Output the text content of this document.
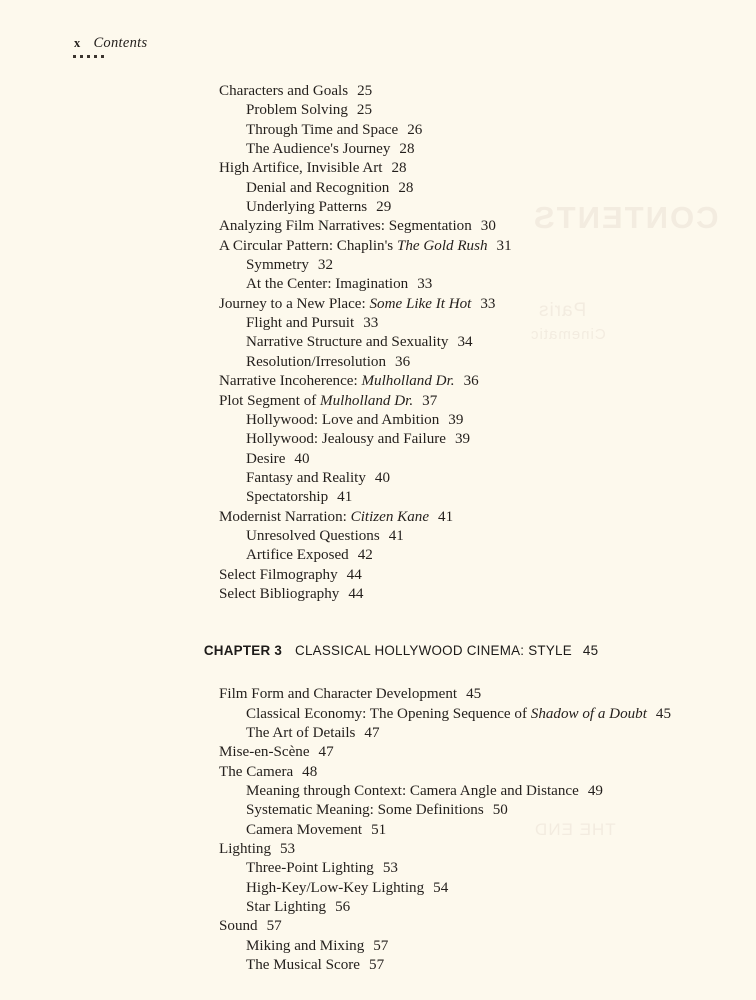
CONTENTS
Paris
Cinematic
THE END
x Contents
Characters and Goals 25
Problem Solving 25
Through Time and Space 26
The Audience's Journey 28
High Artifice, Invisible Art 28
Denial and Recognition 28
Underlying Patterns 29
Analyzing Film Narratives: Segmentation 30
A Circular Pattern: Chaplin's The Gold Rush 31
Symmetry 32
At the Center: Imagination 33
Journey to a New Place: Some Like It Hot 33
Flight and Pursuit 33
Narrative Structure and Sexuality 34
Resolution/Irresolution 36
Narrative Incoherence: Mulholland Dr. 36
Plot Segment of Mulholland Dr. 37
Hollywood: Love and Ambition 39
Hollywood: Jealousy and Failure 39
Desire 40
Fantasy and Reality 40
Spectatorship 41
Modernist Narration: Citizen Kane 41
Unresolved Questions 41
Artifice Exposed 42
Select Filmography 44
Select Bibliography 44

CHAPTER 3 CLASSICAL HOLLYWOOD CINEMA: STYLE 45

Film Form and Character Development 45
Classical Economy: The Opening Sequence of Shadow of a Doubt 45
The Art of Details 47
Mise-en-Scène 47
The Camera 48
Meaning through Context: Camera Angle and Distance 49
Systematic Meaning: Some Definitions 50
Camera Movement 51
Lighting 53
Three-Point Lighting 53
High-Key/Low-Key Lighting 54
Star Lighting 56
Sound 57
Miking and Mixing 57
The Musical Score 57
